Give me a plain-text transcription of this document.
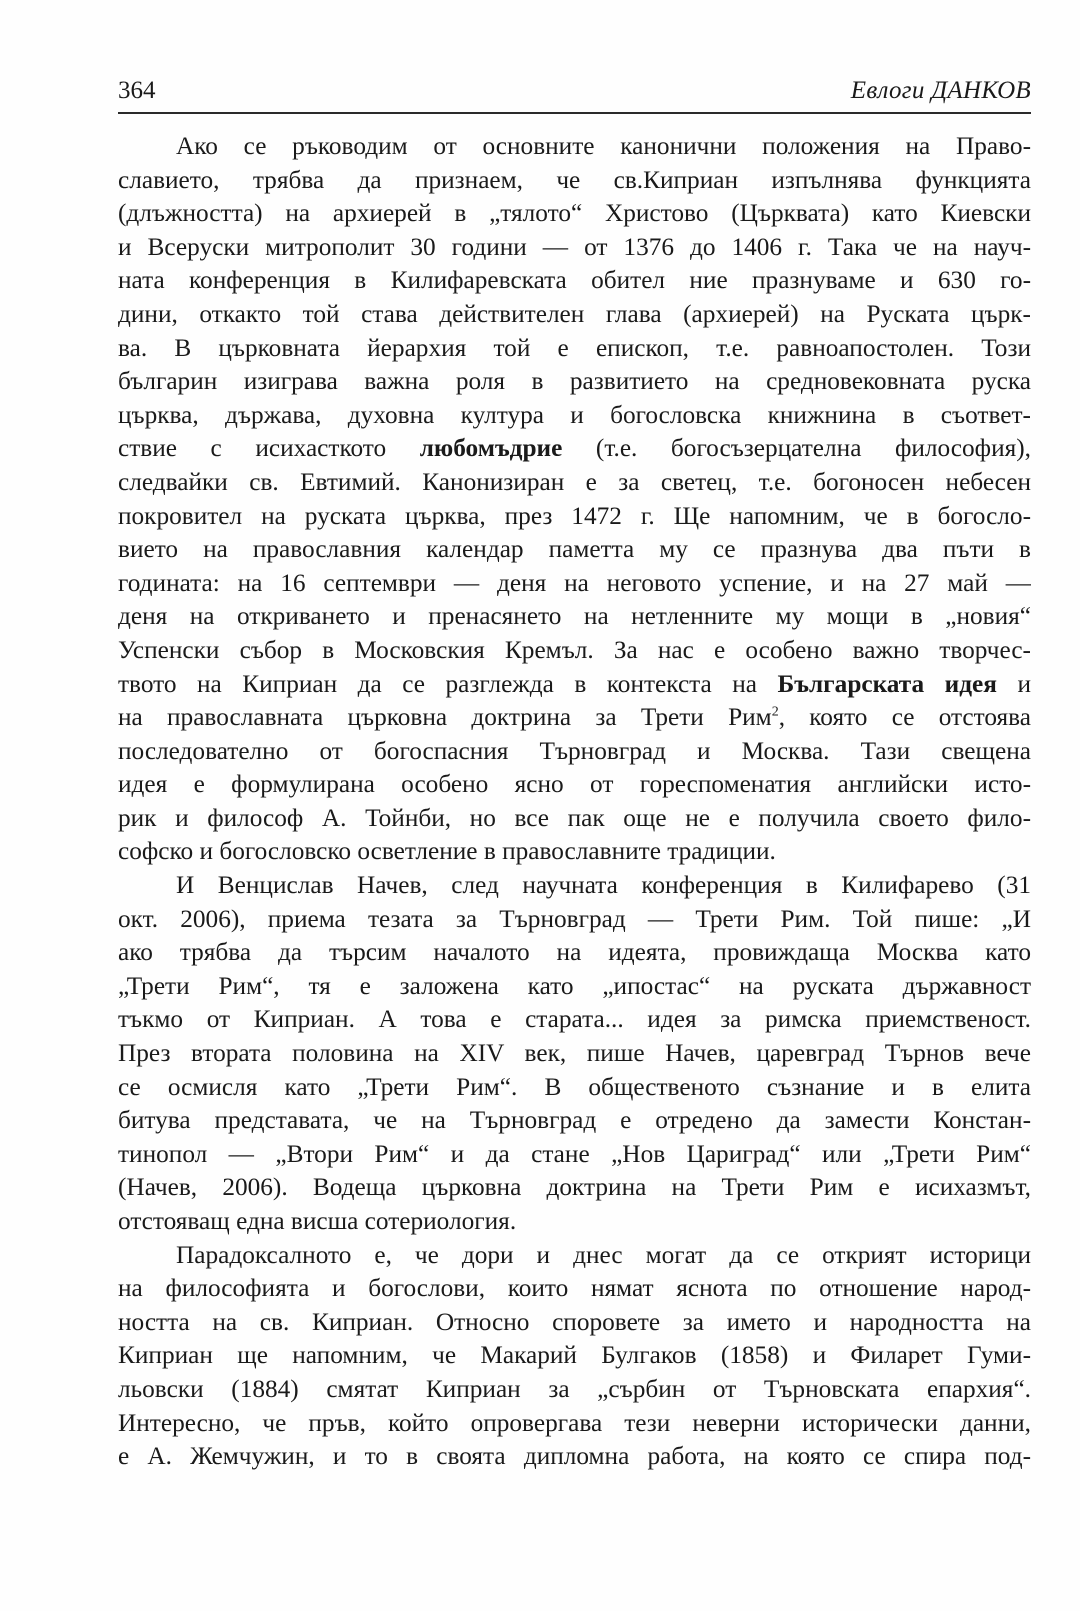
364	Евлоги ДАНКОВ
Ако се ръководим от основните канонични положения на Право-
славието, трябва да признаем, че св.Киприан изпълнява функцията
(длъжността) на архиерей в „тялото“ Христово (Църквата) като Киевски
и Всеруски митрополит 30 години — от 1376 до 1406 г. Така че на науч-
ната конференция в Килифаревската обител ние празнуваме и 630 го-
дини, откакто той става действителен глава (архиерей) на Руската църк-
ва. В църковната йерархия той е епископ, т.е. равноапостолен. Този
българин изиграва важна роля в развитието на средновековната руска
църква, държава, духовна култура и богословска книжнина в съответ-
ствие с исихасткото любомъдрие (т.е. богосъзерцателна философия),
следвайки св. Евтимий. Канонизиран е за светец, т.е. богоносен небесен
покровител на руската църква, през 1472 г. Ще напомним, че в богосло-
вието на православния календар паметта му се празнува два пъти в
годината: на 16 септември — деня на неговото успение, и на 27 май —
деня на откриването и пренасянето на нетленните му мощи в „новия“
Успенски събор в Московския Кремъл. За нас е особено важно творчес-
твото на Киприан да се разглежда в контекста на Българската идея и
на православната църковна доктрина за Трети Рим$^2$, която се отстоява
последователно от богоспасния Търновград и Москва. Тази свещена
идея е формулирана особено ясно от гореспоменатия английски исто-
рик и философ А. Тойнби, но все пак още не е получила своето фило-
софско и богословско осветление в православните традиции.
И Венцислав Начев, след научната конференция в Килифарево (31
окт. 2006), приема тезата за Търновград — Трети Рим. Той пише: „И
ако трябва да търсим началото на идеята, провиждаща Москва като
„Трети Рим“, тя е заложена като „ипостас“ на руската държавност
тъкмо от Киприан. А това е старата... идея за римска приемственост.
През втората половина на XIV век, пише Начев, царевград Търнов вече
се осмисля като „Трети Рим“. В общественото съзнание и в елита
битува представата, че на Търновград е отредено да замести Констан-
тинопол — „Втори Рим“ и да стане „Нов Цариград“ или „Трети Рим“
(Начев, 2006). Водеща църковна доктрина на Трети Рим е исихазмът,
отстояващ една висша сотериология.
Парадоксалното е, че дори и днес могат да се открият историци
на философията и богослови, които нямат яснота по отношение народ-
ността на св. Киприан. Относно споровете за името и народността на
Киприан ще напомним, че Макарий Булгаков (1858) и Филарет Гуми-
льовски (1884) смятат Киприан за „сърбин от Търновската епархия“.
Интересно, че пръв, който опровергава тези неверни исторически данни,
е А. Жемчужин, и то в своята дипломна работа, на която се спира под-
